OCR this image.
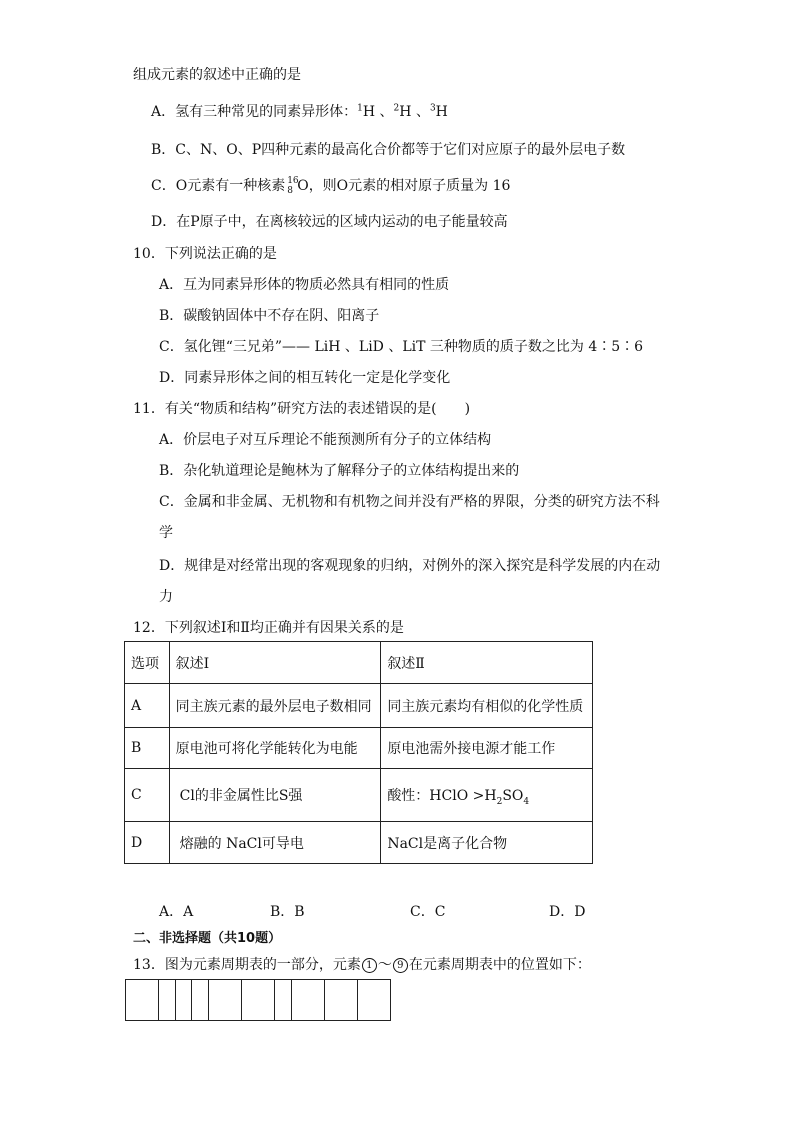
组成元素的叙述中正确的是
A．氢有三种常见的同素异形体：$^1$H 、$^2$H 、$^3$H
B．C、N、O、P四种元素的最高化合价都等于它们对应原子的最外层电子数
C．O元素有一种核素 16
8 O，则O元素的相对原子质量为 16
D．在P原子中，在离核较远的区域内运动的电子能量较高
10．下列说法正确的是
A．互为同素异形体的物质必然具有相同的性质
B．碳酸钠固体中不存在阴、阳离子
C．氢化锂“三兄弟”—— LiH 、LiD 、LiT 三种物质的质子数之比为 4∶5∶6
D．同素异形体之间的相互转化一定是化学变化
11．有关“物质和结构”研究方法的表述错误的是(　　)
A．价层电子对互斥理论不能预测所有分子的立体结构
B．杂化轨道理论是鲍林为了解释分子的立体结构提出来的
C．金属和非金属、无机物和有机物之间并没有严格的界限，分类的研究方法不科
学
D．规律是对经常出现的客观现象的归纳，对例外的深入探究是科学发展的内在动
力
12．下列叙述Ⅰ和Ⅱ均正确并有因果关系的是
选项	叙述Ⅰ	叙述Ⅱ
A	同主族元素的最外层电子数相同	同主族元素均有相似的化学性质
B	原电池可将化学能转化为电能	原电池需外接电源才能工作
C	Cl的非金属性比S强	酸性：HClO $>H_2SO_4$
D	熔融的 NaCl可导电	NaCl是离子化合物
A．A	B．B	C．C	D．D
二、非选择题（共10题）
13．图为元素周期表的一部分，元素 1 ～ 9 在元素周期表中的位置如下：
